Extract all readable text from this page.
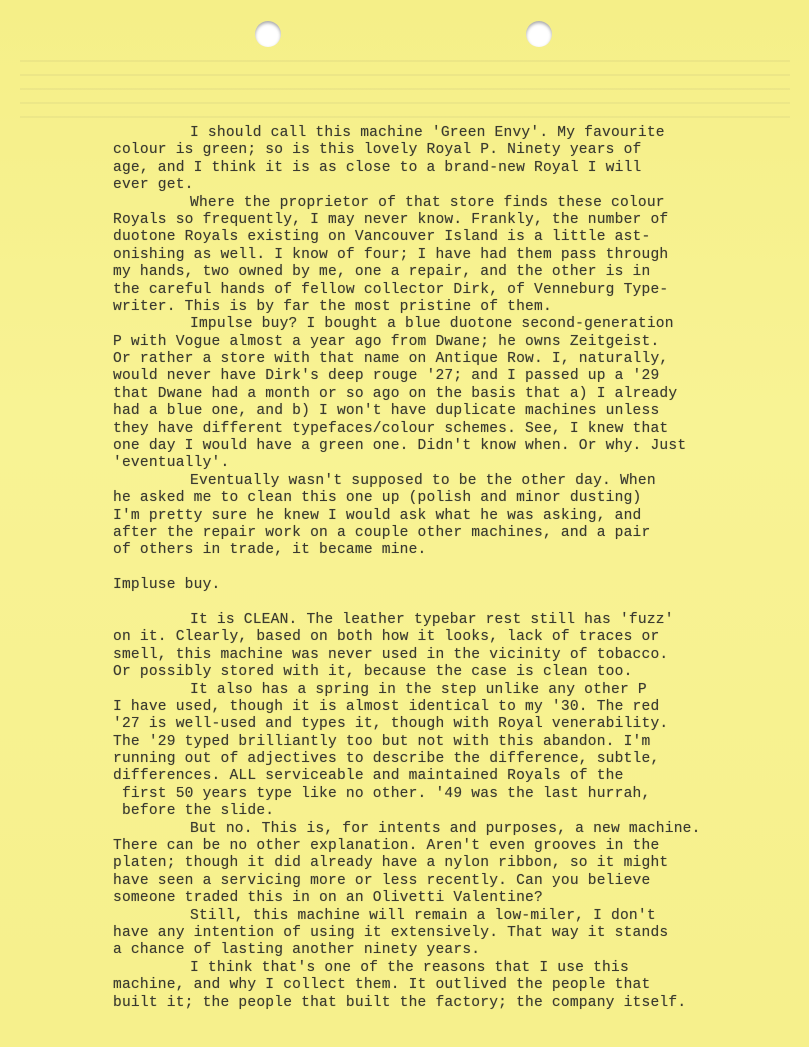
I should call this machine 'Green Envy'. My favourite
colour is green; so is this lovely Royal P. Ninety years of
age, and I think it is as close to a brand-new Royal I will
ever get.
Where the proprietor of that store finds these colour
Royals so frequently, I may never know. Frankly, the number of
duotone Royals existing on Vancouver Island is a little ast-
onishing as well. I know of four; I have had them pass through
my hands, two owned by me, one a repair, and the other is in
the careful hands of fellow collector Dirk, of Venneburg Type-
writer. This is by far the most pristine of them.
Impulse buy? I bought a blue duotone second-generation
P with Vogue almost a year ago from Dwane; he owns Zeitgeist.
Or rather a store with that name on Antique Row. I, naturally,
would never have Dirk's deep rouge '27; and I passed up a '29
that Dwane had a month or so ago on the basis that a) I already
had a blue one, and b) I won't have duplicate machines unless
they have different typefaces/colour schemes. See, I knew that
one day I would have a green one. Didn't know when. Or why. Just
'eventually'.
Eventually wasn't supposed to be the other day. When
he asked me to clean this one up (polish and minor dusting)
I'm pretty sure he knew I would ask what he was asking, and
after the repair work on a couple other machines, and a pair
of others in trade, it became mine.
Impluse buy.
It is CLEAN. The leather typebar rest still has 'fuzz'
on it. Clearly, based on both how it looks, lack of traces or
smell, this machine was never used in the vicinity of tobacco.
Or possibly stored with it, because the case is clean too.
It also has a spring in the step unlike any other P
I have used, though it is almost identical to my '30. The red
'27 is well-used and types it, though with Royal venerability.
The '29 typed brilliantly too but not with this abandon. I'm
running out of adjectives to describe the difference, subtle,
differences. ALL serviceable and maintained Royals of the
first 50 years type like no other. '49 was the last hurrah,
before the slide.
But no. This is, for intents and purposes, a new machine.
There can be no other explanation. Aren't even grooves in the
platen; though it did already have a nylon ribbon, so it might
have seen a servicing more or less recently. Can you believe
someone traded this in on an Olivetti Valentine?
Still, this machine will remain a low-miler, I don't
have any intention of using it extensively. That way it stands
a chance of lasting another ninety years.
I think that's one of the reasons that I use this
machine, and why I collect them. It outlived the people that
built it; the people that built the factory; the company itself.
